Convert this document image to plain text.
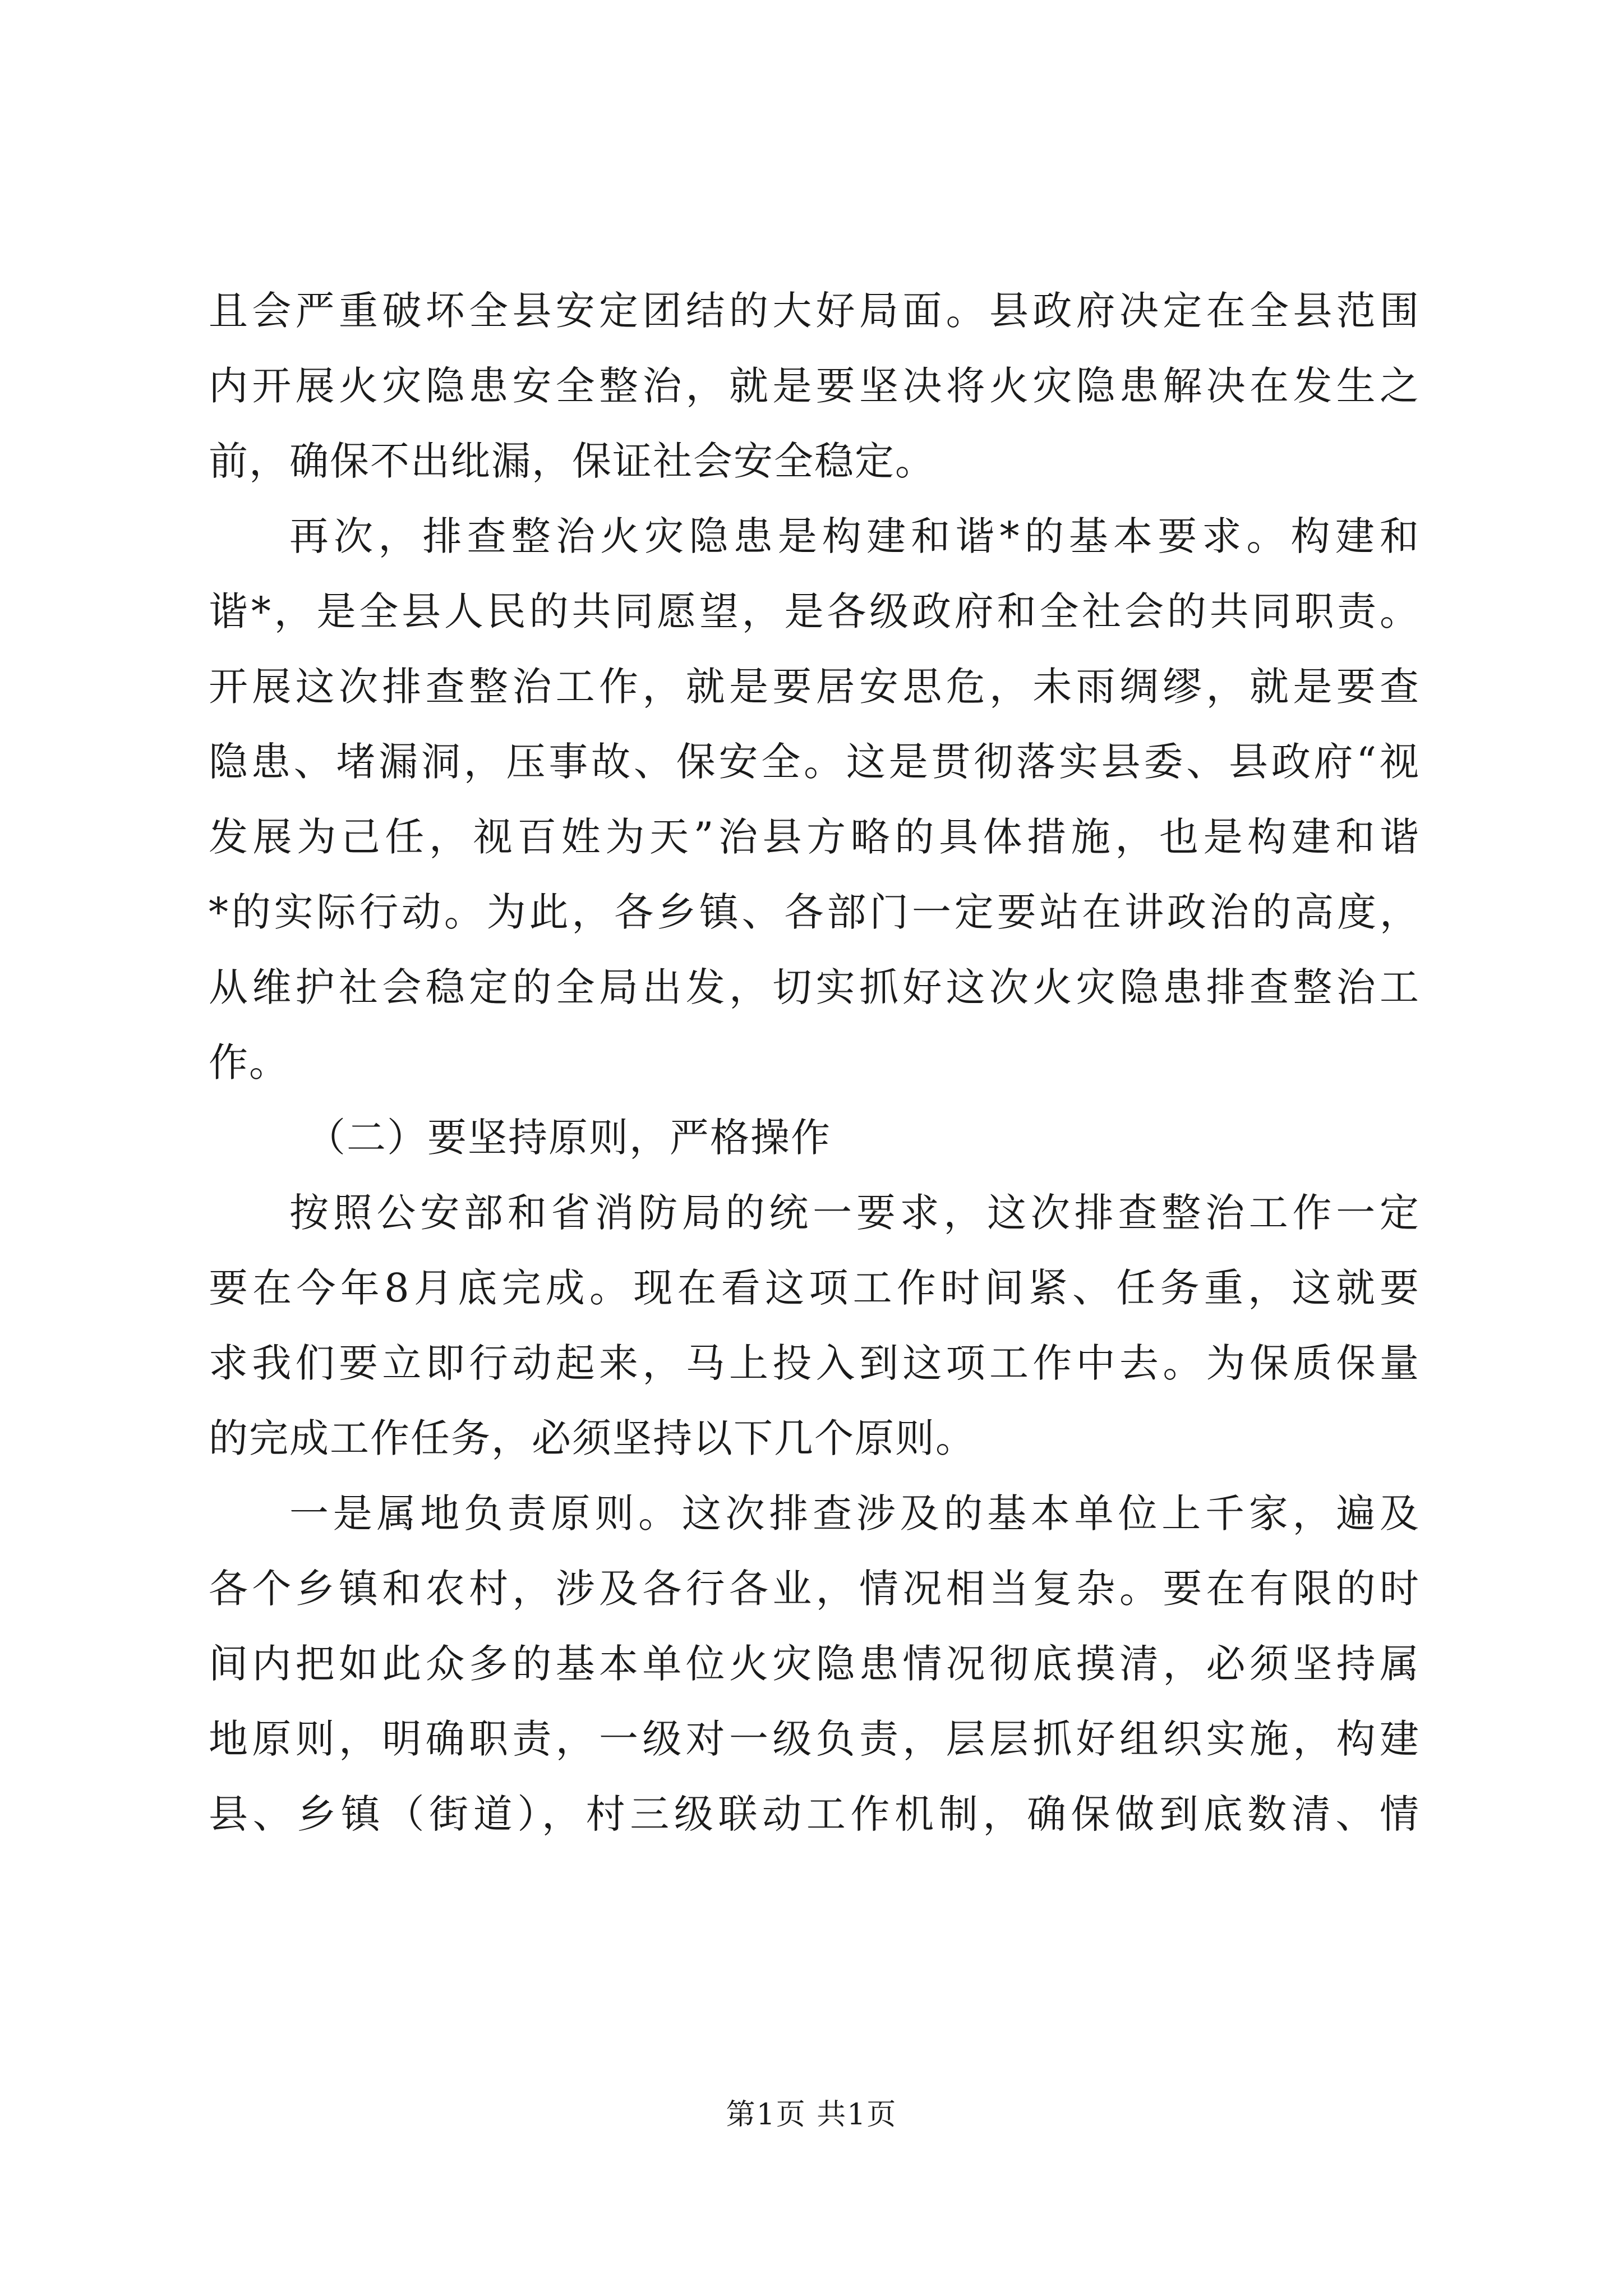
且会严重破坏全县安定团结的大好局面。县政府决定在全县范围
内开展火灾隐患安全整治，就是要坚决将火灾隐患解决在发生之
前，确保不出纰漏，保证社会安全稳定。
再次，排查整治火灾隐患是构建和谐*的基本要求。构建和
谐*，是全县人民的共同愿望，是各级政府和全社会的共同职责。
开展这次排查整治工作，就是要居安思危，未雨绸缪，就是要查
隐患、堵漏洞，压事故、保安全。这是贯彻落实县委、县政府“视
发展为己任，视百姓为天”治县方略的具体措施，也是构建和谐
*的实际行动。为此，各乡镇、各部门一定要站在讲政治的高度，
从维护社会稳定的全局出发，切实抓好这次火灾隐患排查整治工
作。
（二）要坚持原则，严格操作
按照公安部和省消防局的统一要求，这次排查整治工作一定
要在今年8月底完成。现在看这项工作时间紧、任务重，这就要
求我们要立即行动起来，马上投入到这项工作中去。为保质保量
的完成工作任务，必须坚持以下几个原则。
一是属地负责原则。这次排查涉及的基本单位上千家，遍及
各个乡镇和农村，涉及各行各业，情况相当复杂。要在有限的时
间内把如此众多的基本单位火灾隐患情况彻底摸清，必须坚持属
地原则，明确职责，一级对一级负责，层层抓好组织实施，构建
县、乡镇（街道），村三级联动工作机制，确保做到底数清、情
第1页 共1页
